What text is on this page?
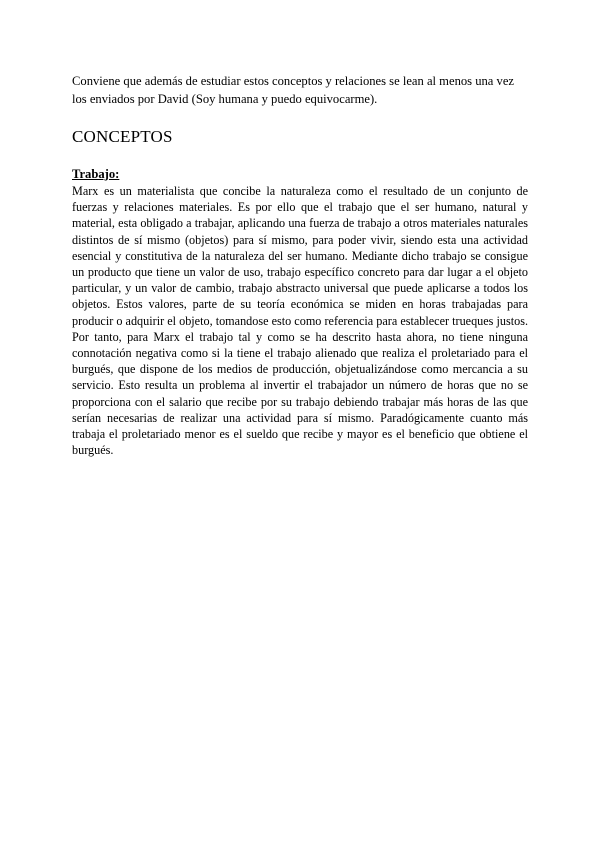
Conviene que además de estudiar estos conceptos y relaciones se lean al menos una vez los enviados por David (Soy humana y puedo equivocarme).

CONCEPTOS
Trabajo:

Marx es un materialista que concibe la naturaleza como el resultado de un conjunto de fuerzas y relaciones materiales. Es por ello que el trabajo que el ser humano, natural y material, esta obligado a trabajar, aplicando una fuerza de trabajo a otros materiales naturales distintos de sí mismo (objetos) para sí mismo, para poder vivir, siendo esta una actividad esencial y constitutiva de la naturaleza del ser humano. Mediante dicho trabajo se consigue un producto que tiene un valor de uso, trabajo específico concreto para dar lugar a el objeto particular, y un valor de cambio, trabajo abstracto universal que puede aplicarse a todos los objetos. Estos valores, parte de su teoría económica se miden en horas trabajadas para producir o adquirir el objeto, tomandose esto como referencia para establecer trueques justos. Por tanto, para Marx el trabajo tal y como se ha descrito hasta ahora, no tiene ninguna connotación negativa como si la tiene el trabajo alienado que realiza el proletariado para el burgués, que dispone de los medios de producción, objetualizándose como mercancia a su servicio. Esto resulta un problema al invertir el trabajador un número de horas que no se proporciona con el salario que recibe por su trabajo debiendo trabajar más horas de las que serían necesarias de realizar una actividad para sí mismo. Paradógicamente cuanto más trabaja el proletariado menor es el sueldo que recibe y mayor es el beneficio que obtiene el burgués.
